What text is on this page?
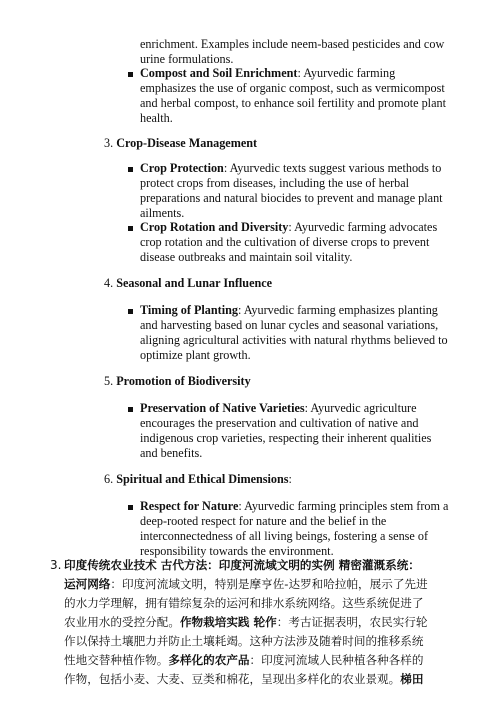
enrichment. Examples include neem-based pesticides and cow
urine formulations.
Compost and Soil Enrichment: Ayurvedic farming
emphasizes the use of organic compost, such as vermicompost
and herbal compost, to enhance soil fertility and promote plant
health.
3. Crop-Disease Management
Crop Protection: Ayurvedic texts suggest various methods to
protect crops from diseases, including the use of herbal
preparations and natural biocides to prevent and manage plant
ailments.
Crop Rotation and Diversity: Ayurvedic farming advocates
crop rotation and the cultivation of diverse crops to prevent
disease outbreaks and maintain soil vitality.
4. Seasonal and Lunar Influence
Timing of Planting: Ayurvedic farming emphasizes planting
and harvesting based on lunar cycles and seasonal variations,
aligning agricultural activities with natural rhythms believed to
optimize plant growth.
5. Promotion of Biodiversity
Preservation of Native Varieties: Ayurvedic agriculture
encourages the preservation and cultivation of native and
indigenous crop varieties, respecting their inherent qualities
and benefits.
6. Spiritual and Ethical Dimensions:
Respect for Nature: Ayurvedic farming principles stem from a
deep-rooted respect for nature and the belief in the
interconnectedness of all living beings, fostering a sense of
responsibility towards the environment.
3. 印度传统农业技术 古代方法：印度河流域文明的实例 精密灌溉系统：
运河网络：印度河流域文明，特别是摩亨佐-达罗和哈拉帕，展示了先进
的水力学理解，拥有错综复杂的运河和排水系统网络。这些系统促进了
农业用水的受控分配。作物栽培实践 轮作：考古证据表明，农民实行轮
作以保持土壤肥力并防止土壤耗竭。这种方法涉及随着时间的推移系统
性地交替种植作物。多样化的农产品：印度河流域人民种植各种各样的
作物，包括小麦、大麦、豆类和棉花，呈现出多样化的农业景观。梯田
